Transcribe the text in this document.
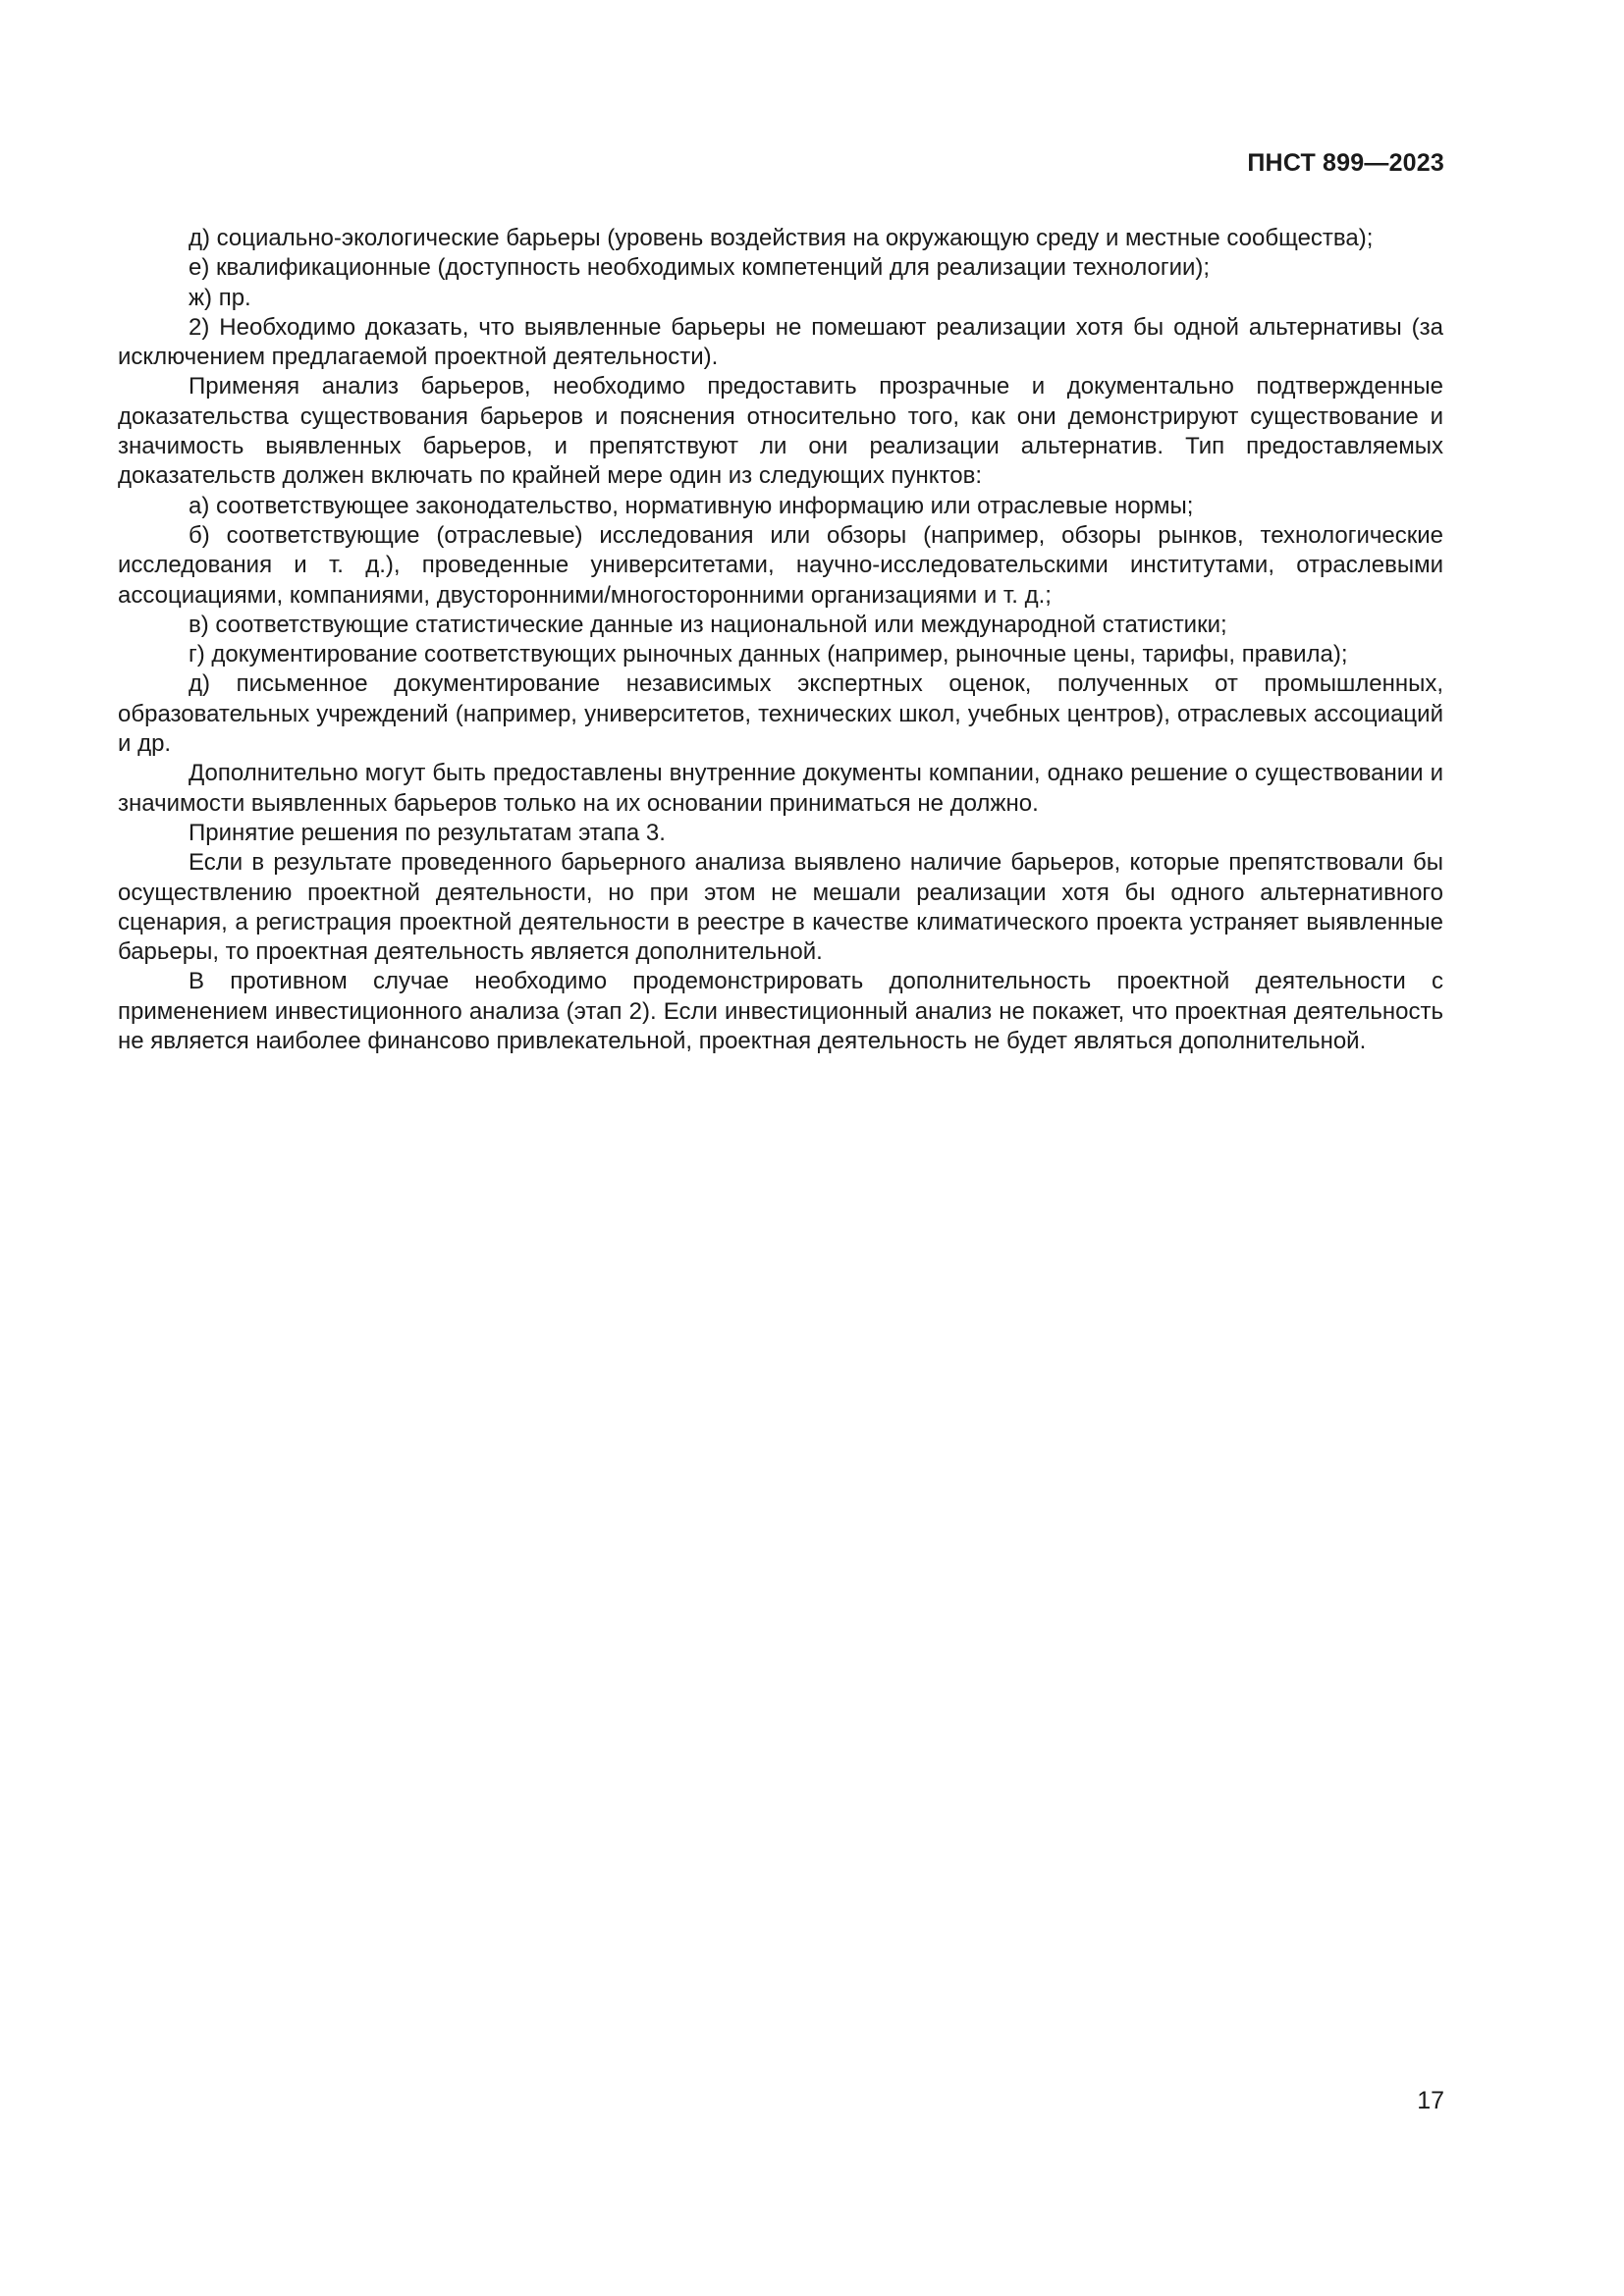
ПНСТ 899—2023

д) социально-экологические барьеры (уровень воздействия на окружающую среду и местные сообщества);

е) квалификационные (доступность необходимых компетенций для реализации технологии);

ж) пр.

2) Необходимо доказать, что выявленные барьеры не помешают реализации хотя бы одной альтернативы (за исключением предлагаемой проектной деятельности).

Применяя анализ барьеров, необходимо предоставить прозрачные и документально подтвержденные доказательства существования барьеров и пояснения относительно того, как они демонстрируют существование и значимость выявленных барьеров, и препятствуют ли они реализации альтернатив. Тип предоставляемых доказательств должен включать по крайней мере один из следующих пунктов:

а) соответствующее законодательство, нормативную информацию или отраслевые нормы;

б) соответствующие (отраслевые) исследования или обзоры (например, обзоры рынков, технологические исследования и т. д.), проведенные университетами, научно-исследовательскими институтами, отраслевыми ассоциациями, компаниями, двусторонними/многосторонними организациями и т. д.;

в) соответствующие статистические данные из национальной или международной статистики;

г) документирование соответствующих рыночных данных (например, рыночные цены, тарифы, правила);

д) письменное документирование независимых экспертных оценок, полученных от промышленных, образовательных учреждений (например, университетов, технических школ, учебных центров), отраслевых ассоциаций и др.

Дополнительно могут быть предоставлены внутренние документы компании, однако решение о существовании и значимости выявленных барьеров только на их основании приниматься не должно.

Принятие решения по результатам этапа 3.

Если в результате проведенного барьерного анализа выявлено наличие барьеров, которые препятствовали бы осуществлению проектной деятельности, но при этом не мешали реализации хотя бы одного альтернативного сценария, а регистрация проектной деятельности в реестре в качестве климатического проекта устраняет выявленные барьеры, то проектная деятельность является дополнительной.

В противном случае необходимо продемонстрировать дополнительность проектной деятельности с применением инвестиционного анализа (этап 2). Если инвестиционный анализ не покажет, что проектная деятельность не является наиболее финансово привлекательной, проектная деятельность не будет являться дополнительной.

17
